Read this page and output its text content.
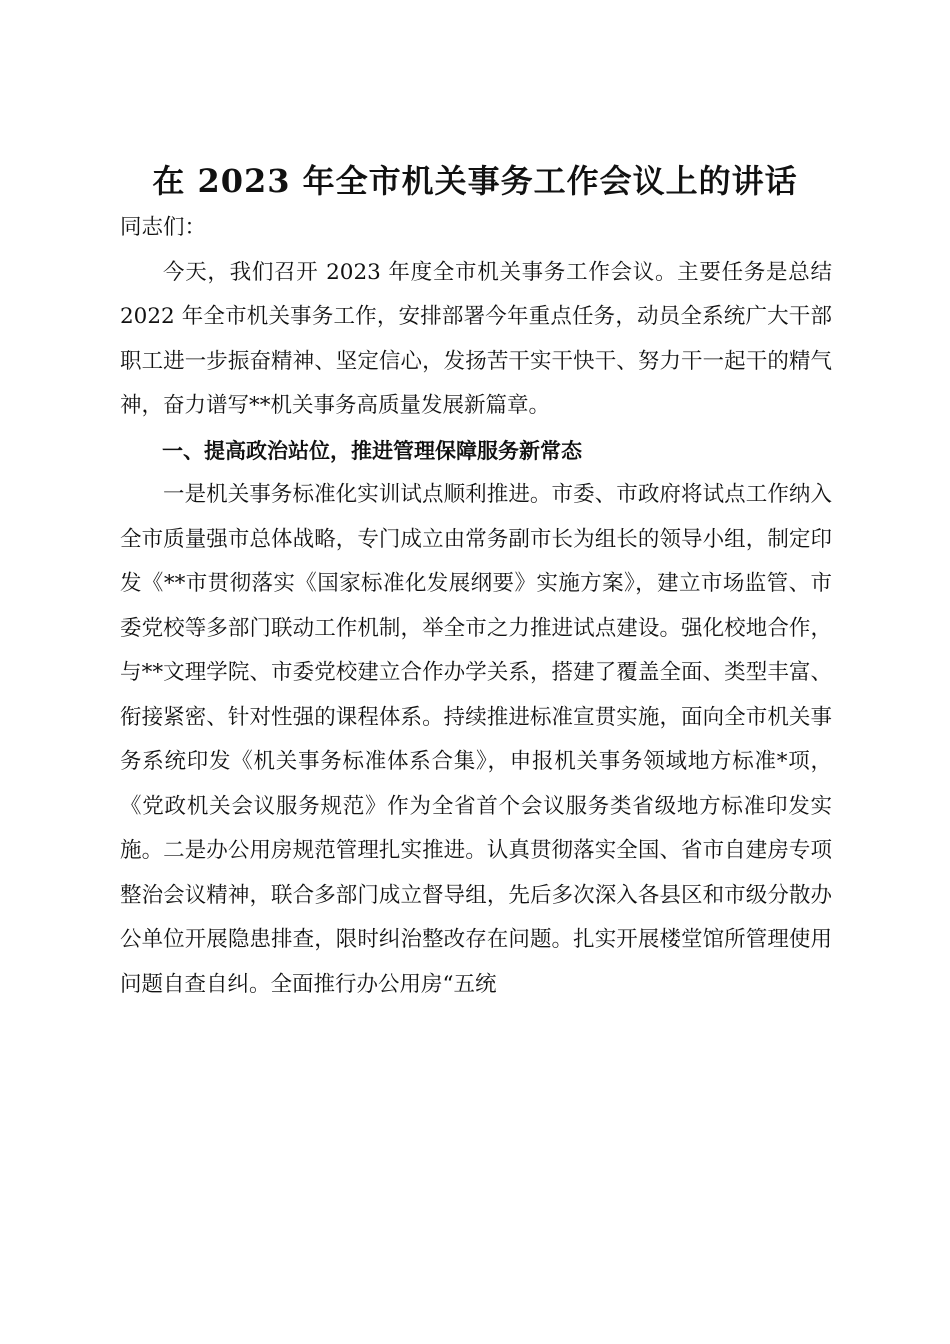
在 2023 年全市机关事务工作会议上的讲话

同志们：

今天，我们召开 2023 年度全市机关事务工作会议。主要任务是总结 2022 年全市机关事务工作，安排部署今年重点任务，动员全系统广大干部职工进一步振奋精神、坚定信心，发扬苦干实干快干、努力干一起干的精气神，奋力谱写**机关事务高质量发展新篇章。

一、提高政治站位，推进管理保障服务新常态

一是机关事务标准化实训试点顺利推进。市委、市政府将试点工作纳入全市质量强市总体战略，专门成立由常务副市长为组长的领导小组，制定印发《**市贯彻落实《国家标准化发展纲要》实施方案》，建立市场监管、市委党校等多部门联动工作机制，举全市之力推进试点建设。强化校地合作，与**文理学院、市委党校建立合作办学关系，搭建了覆盖全面、类型丰富、衔接紧密、针对性强的课程体系。持续推进标准宣贯实施，面向全市机关事务系统印发《机关事务标准体系合集》，申报机关事务领域地方标准*项，《党政机关会议服务规范》作为全省首个会议服务类省级地方标准印发实施。二是办公用房规范管理扎实推进。认真贯彻落实全国、省市自建房专项整治会议精神，联合多部门成立督导组，先后多次深入各县区和市级分散办公单位开展隐患排查，限时纠治整改存在问题。扎实开展楼堂馆所管理使用问题自查自纠。全面推行办公用房“五统
